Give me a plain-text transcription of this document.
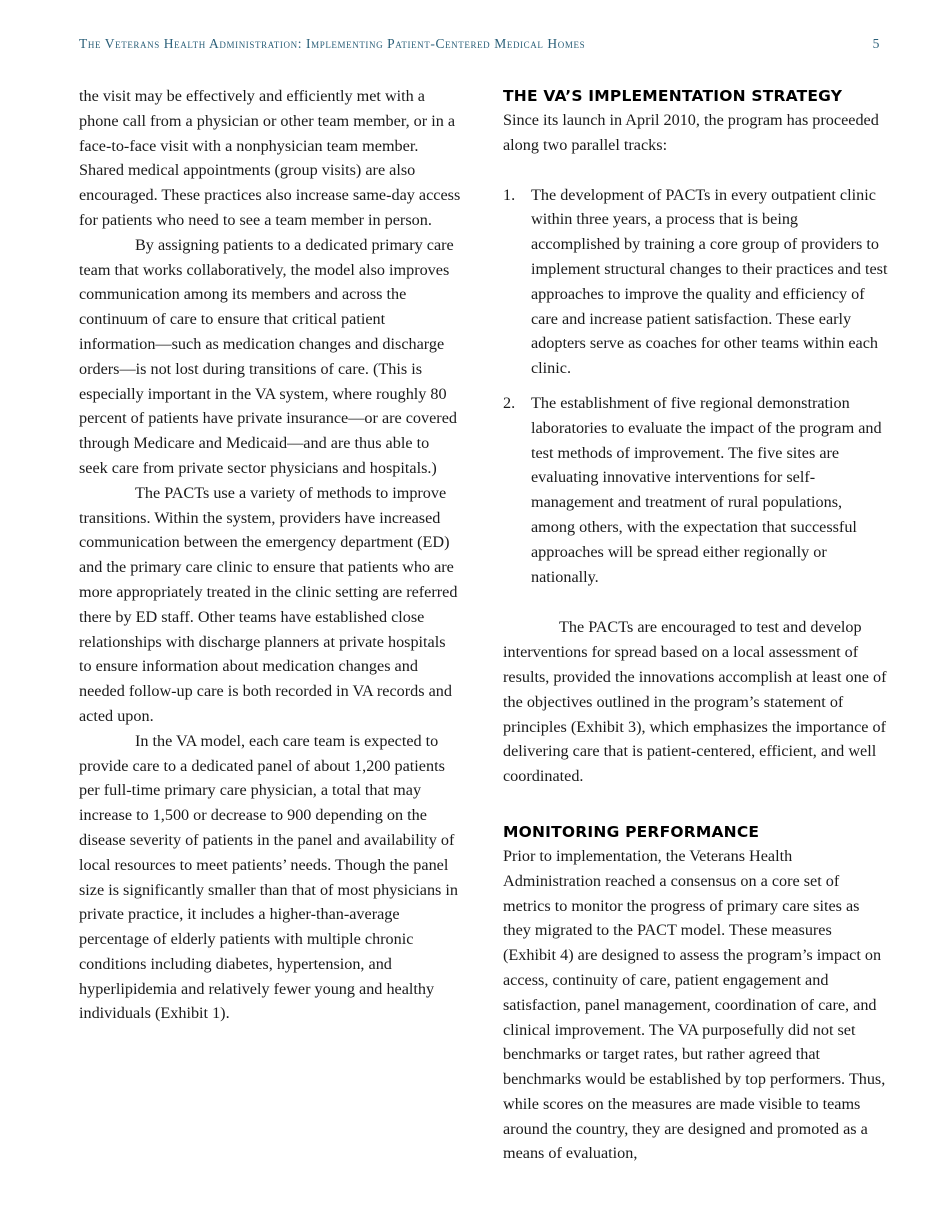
The Veterans Health Administration: Implementing Patient-Centered Medical Homes	5

the visit may be effectively and efficiently met with a phone call from a physician or other team member, or in a face-to-face visit with a nonphysician team member. Shared medical appointments (group visits) are also encouraged. These practices also increase same-day access for patients who need to see a team member in person.

By assigning patients to a dedicated primary care team that works collaboratively, the model also improves communication among its members and across the continuum of care to ensure that critical patient information—such as medication changes and discharge orders—is not lost during transitions of care. (This is especially important in the VA system, where roughly 80 percent of patients have private insurance—or are covered through Medicare and Medicaid—and are thus able to seek care from private sector physicians and hospitals.)

The PACTs use a variety of methods to improve transitions. Within the system, providers have increased communication between the emergency department (ED) and the primary care clinic to ensure that patients who are more appropriately treated in the clinic setting are referred there by ED staff. Other teams have established close relationships with discharge planners at private hospitals to ensure information about medication changes and needed follow-up care is both recorded in VA records and acted upon.

In the VA model, each care team is expected to provide care to a dedicated panel of about 1,200 patients per full-time primary care physician, a total that may increase to 1,500 or decrease to 900 depending on the disease severity of patients in the panel and availability of local resources to meet patients’ needs. Though the panel size is significantly smaller than that of most physicians in private practice, it includes a higher-than-average percentage of elderly patients with multiple chronic conditions including diabetes, hypertension, and hyperlipidemia and relatively fewer young and healthy individuals (Exhibit 1).

THE VA’S IMPLEMENTATION STRATEGY

Since its launch in April 2010, the program has proceeded along two parallel tracks:

1. The development of PACTs in every outpatient clinic within three years, a process that is being accomplished by training a core group of providers to implement structural changes to their practices and test approaches to improve the quality and efficiency of care and increase patient satisfaction. These early adopters serve as coaches for other teams within each clinic.
2. The establishment of five regional demonstration laboratories to evaluate the impact of the program and test methods of improvement. The five sites are evaluating innovative interventions for self-management and treatment of rural populations, among others, with the expectation that successful approaches will be spread either regionally or nationally.

The PACTs are encouraged to test and develop interventions for spread based on a local assessment of results, provided the innovations accomplish at least one of the objectives outlined in the program’s statement of principles (Exhibit 3), which emphasizes the importance of delivering care that is patient-centered, efficient, and well coordinated.

MONITORING PERFORMANCE

Prior to implementation, the Veterans Health Administration reached a consensus on a core set of metrics to monitor the progress of primary care sites as they migrated to the PACT model. These measures (Exhibit 4) are designed to assess the program’s impact on access, continuity of care, patient engagement and satisfaction, panel management, coordination of care, and clinical improvement. The VA purposefully did not set benchmarks or target rates, but rather agreed that benchmarks would be established by top performers. Thus, while scores on the measures are made visible to teams around the country, they are designed and promoted as a means of evaluation,
